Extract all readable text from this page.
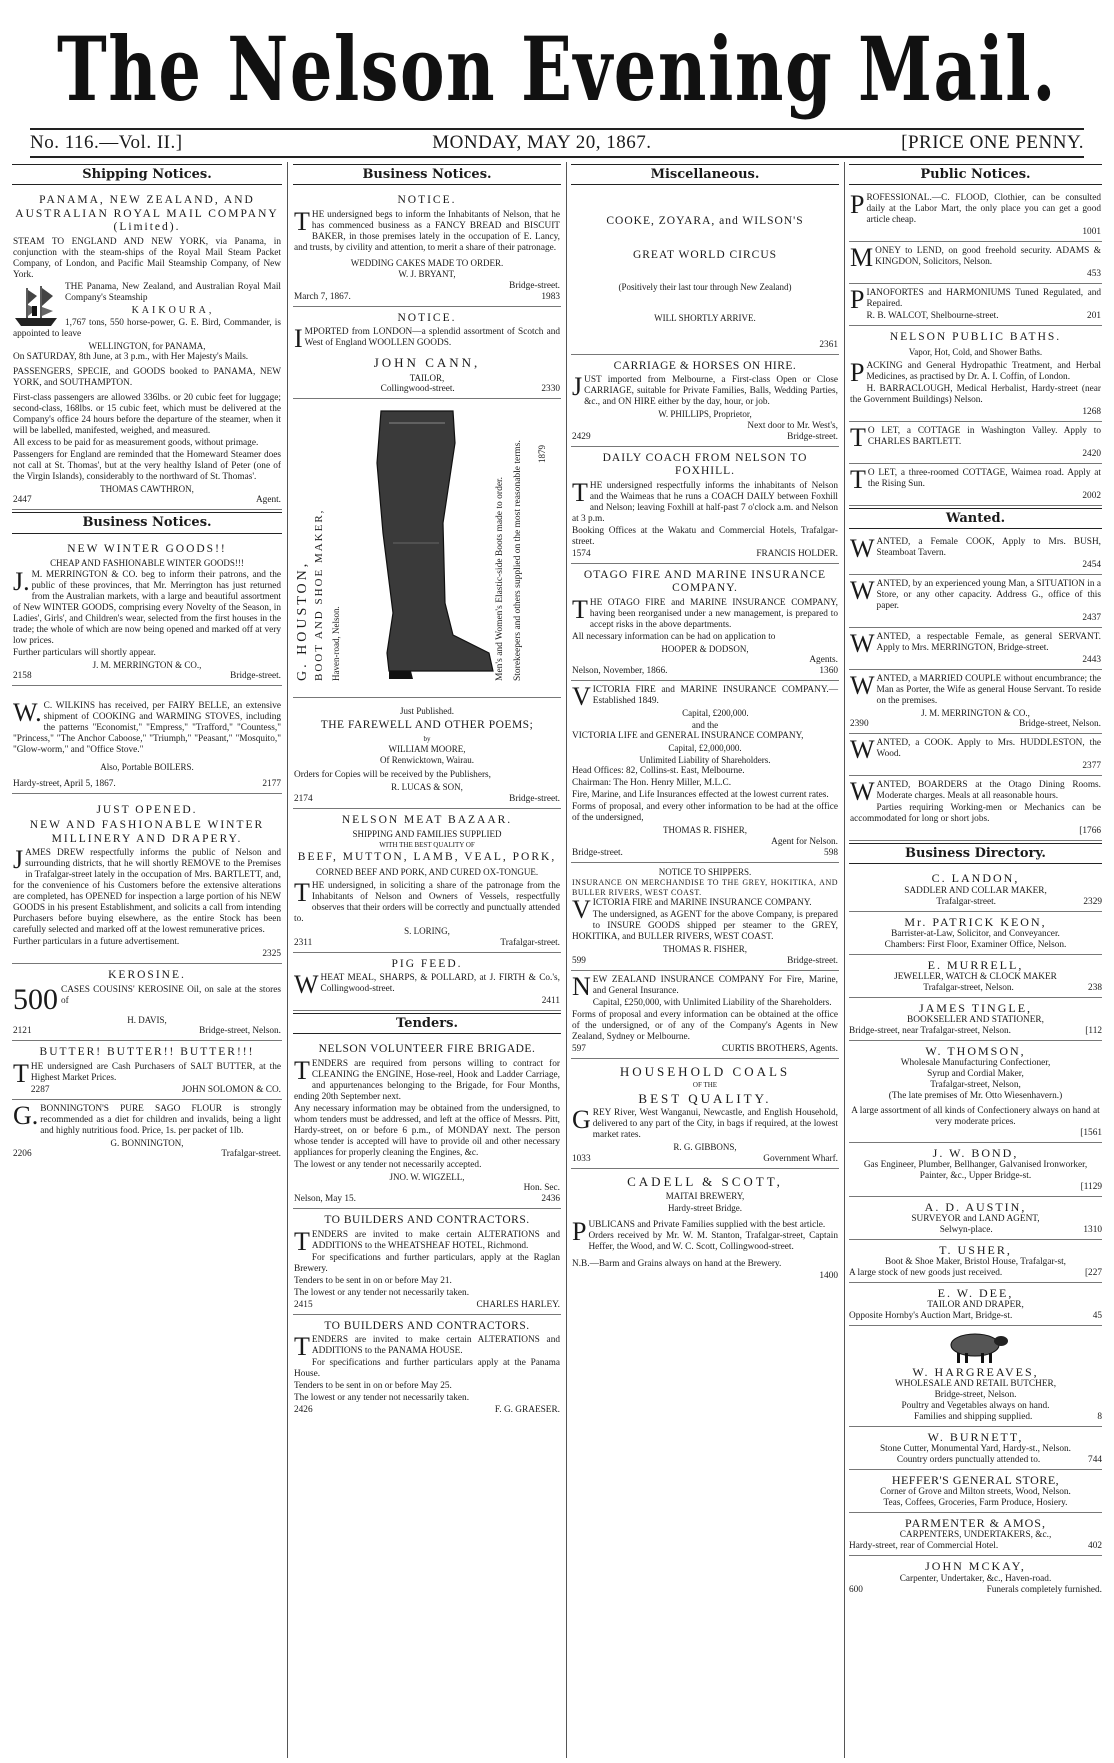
The Nelson Evening Mail.
No. 116.—Vol. II.]	MONDAY, MAY 20, 1867.	[PRICE ONE PENNY.
Shipping Notices.
PANAMA, NEW ZEALAND, AND AUSTRALIAN ROYAL MAIL COMPANY (Limited).
STEAM TO ENGLAND AND NEW YORK, via Panama, in conjunction with the steam-ships of the Royal Mail Steam Packet Company, of London, and Pacific Mail Steamship Company, of New York.
THE Panama, New Zealand, and Australian Royal Mail Company's Steamship
KAIKOURA,
1,767 tons, 550 horse-power, G. E. Bird, Commander, is appointed to leave
WELLINGTON, for PANAMA,
On SATURDAY, 8th June, at 3 p.m., with Her Majesty's Mails.
PASSENGERS, SPECIE, and GOODS booked to PANAMA, NEW YORK, and SOUTHAMPTON.
First-class passengers are allowed 336lbs. or 20 cubic feet for luggage; second-class, 168lbs. or 15 cubic feet, which must be delivered at the Company's office 24 hours before the departure of the steamer, when it will be labelled, manifested, weighed, and measured.
All excess to be paid for as measurement goods, without primage.
Passengers for England are reminded that the Homeward Steamer does not call at St. Thomas', but at the very healthy Island of Peter (one of the Virgin Islands), considerably to the northward of St. Thomas'.
THOMAS CAWTHRON,
2447	Agent.
Business Notices.
NEW WINTER GOODS!!
CHEAP AND FASHIONABLE WINTER GOODS!!!
J.M. MERRINGTON & CO. beg to inform their patrons, and the public of these provinces, that Mr. Merrington has just returned from the Australian markets, with a large and beautiful assortment of New WINTER GOODS, comprising every Novelty of the Season, in Ladies', Girls', and Children's wear, selected from the first houses in the trade; the whole of which are now being opened and marked off at very low prices.
Further particulars will shortly appear.
J. M. MERRINGTON & CO.,
2158	Bridge-street.
W.C. WILKINS has received, per FAIRY BELLE, an extensive shipment of COOKING and WARMING STOVES, including the patterns "Economist," "Empress," "Trafford," "Countess," "Princess," "The Anchor Caboose," "Triumph," "Peasant," "Mosquito," "Glow-worm," and "Office Stove."
Also, Portable BOILERS.
Hardy-street, April 5, 1867.	2177
JUST OPENED.
NEW AND FASHIONABLE WINTER MILLINERY AND DRAPERY.
JAMES DREW respectfully informs the public of Nelson and surrounding districts, that he will shortly REMOVE to the Premises in Trafalgar-street lately in the occupation of Mrs. BARTLETT, and, for the convenience of his Customers before the extensive alterations are completed, has OPENED for inspection a large portion of his NEW GOODS in his present Establishment, and solicits a call from intending Purchasers before buying elsewhere, as the entire Stock has been carefully selected and marked off at the lowest remunerative prices.
Further particulars in a future advertisement.
2325
KEROSINE.
500 CASES COUSINS' KEROSINE Oil, on sale at the stores of
H. DAVIS,
2121	Bridge-street, Nelson.
BUTTER! BUTTER!! BUTTER!!!
THE undersigned are Cash Purchasers of SALT BUTTER, at the Highest Market Prices.
2287	JOHN SOLOMON & CO.
G.BONNINGTON'S PURE SAGO FLOUR is strongly recommended as a diet for children and invalids, being a light and highly nutritious food. Price, 1s. per packet of 1lb.
G. BONNINGTON,
2206	Trafalgar-street.
Business Notices.
NOTICE.
THE undersigned begs to inform the Inhabitants of Nelson, that he has commenced business as a FANCY BREAD and BISCUIT BAKER, in those premises lately in the occupation of E. Lancy, and trusts, by civility and attention, to merit a share of their patronage.
WEDDING CAKES MADE TO ORDER.
W. J. BRYANT,
Bridge-street.
March 7, 1867.	1983
NOTICE.
IMPORTED from LONDON—a splendid assortment of Scotch and West of England WOOLLEN GOODS.
JOHN CANN,
TAILOR,
Collingwood-street.	2330
G. HOUSTON, BOOT AND SHOE MAKER, Haven-road, Nelson.	Men's and Women's Elastic-side Boots made to order. Storekeepers and others supplied on the most reasonable terms. 1879
Just Published.
THE FAREWELL AND OTHER POEMS;
by
WILLIAM MOORE,
Of Renwicktown, Wairau.
Orders for Copies will be received by the Publishers,
R. LUCAS & SON,
2174	Bridge-street.
NELSON MEAT BAZAAR.
SHIPPING AND FAMILIES SUPPLIED
WITH THE BEST QUALITY OF
BEEF, MUTTON, LAMB, VEAL, PORK,
CORNED BEEF AND PORK, AND CURED OX-TONGUE.
THE undersigned, in soliciting a share of the patronage from the Inhabitants of Nelson and Owners of Vessels, respectfully observes that their orders will be correctly and punctually attended to.
S. LORING,
2311	Trafalgar-street.
PIG FEED.
WHEAT MEAL, SHARPS, & POLLARD, at J. FIRTH & Co.'s, Collingwood-street.
2411
Tenders.
NELSON VOLUNTEER FIRE BRIGADE.
TENDERS are required from persons willing to contract for CLEANING the ENGINE, Hose-reel, Hook and Ladder Carriage, and appurtenances belonging to the Brigade, for Four Months, ending 20th September next.
Any necessary information may be obtained from the undersigned, to whom tenders must be addressed, and left at the office of Messrs. Pitt, Hardy-street, on or before 6 p.m., of MONDAY next. The person whose tender is accepted will have to provide oil and other necessary appliances for properly cleaning the Engines, &c.
The lowest or any tender not necessarily accepted.
JNO. W. WIGZELL,
Hon. Sec.
Nelson, May 15.	2436
TO BUILDERS AND CONTRACTORS.
TENDERS are invited to make certain ALTERATIONS and ADDITIONS to the WHEATSHEAF HOTEL, Richmond.
For specifications and further particulars, apply at the Raglan Brewery.
Tenders to be sent in on or before May 21.
The lowest or any tender not necessarily taken.
2415	CHARLES HARLEY.
TO BUILDERS AND CONTRACTORS.
TENDERS are invited to make certain ALTERATIONS and ADDITIONS to the PANAMA HOUSE.
For specifications and further particulars apply at the Panama House.
Tenders to be sent in on or before May 25.
The lowest or any tender not necessarily taken.
2426	F. G. GRAESER.
Miscellaneous.
COOKE, ZOYARA, and WILSON'S
GREAT WORLD CIRCUS
(Positively their last tour through New Zealand)
WILL SHORTLY ARRIVE.
2361
CARRIAGE & HORSES ON HIRE.
JUST imported from Melbourne, a First-class Open or Close CARRIAGE, suitable for Private Families, Balls, Wedding Parties, &c., and ON HIRE either by the day, hour, or job.
W. PHILLIPS, Proprietor,
Next door to Mr. West's,
2429	Bridge-street.
DAILY COACH FROM NELSON TO FOXHILL.
THE undersigned respectfully informs the inhabitants of Nelson and the Waimeas that he runs a COACH DAILY between Foxhill and Nelson; leaving Foxhill at half-past 7 o'clock a.m. and Nelson at 3 p.m.
Booking Offices at the Wakatu and Commercial Hotels, Trafalgar-street.
1574	FRANCIS HOLDER.
OTAGO FIRE AND MARINE INSURANCE COMPANY.
THE OTAGO FIRE and MARINE INSURANCE COMPANY, having been reorganised under a new management, is prepared to accept risks in the above departments.
All necessary information can be had on application to
HOOPER & DODSON,
Agents.
Nelson, November, 1866.	1360
VICTORIA FIRE and MARINE INSURANCE COMPANY.—Established 1849.
Capital, £200,000.
and the
VICTORIA LIFE and GENERAL INSURANCE COMPANY,
Capital, £2,000,000.
Unlimited Liability of Shareholders.
Head Offices: 82, Collins-st. East, Melbourne.
Chairman: The Hon. Henry Miller, M.L.C.
Fire, Marine, and Life Insurances effected at the lowest current rates.
Forms of proposal, and every other information to be had at the office of the undersigned,
THOMAS R. FISHER,
Agent for Nelson.
Bridge-street.	598
NOTICE TO SHIPPERS.
INSURANCE ON MERCHANDISE TO THE GREY, HOKITIKA, AND BULLER RIVERS, WEST COAST.
VICTORIA FIRE and MARINE INSURANCE COMPANY.
The undersigned, as AGENT for the above Company, is prepared to INSURE GOODS shipped per steamer to the GREY, HOKITIKA, and BULLER RIVERS, WEST COAST.
THOMAS R. FISHER,
599	Bridge-street.
NEW ZEALAND INSURANCE COMPANY For Fire, Marine, and General Insurance.
Capital, £250,000, with Unlimited Liability of the Shareholders.
Forms of proposal and every information can be obtained at the office of the undersigned, or of any of the Company's Agents in New Zealand, Sydney or Melbourne.
597	CURTIS BROTHERS, Agents.
HOUSEHOLD COALS
OF THE
BEST QUALITY.
GREY River, West Wanganui, Newcastle, and English Household, delivered to any part of the City, in bags if required, at the lowest market rates.
R. G. GIBBONS,
1033	Government Wharf.
CADELL & SCOTT,
MAITAI BREWERY,
Hardy-street Bridge.
PUBLICANS and Private Families supplied with the best article.
Orders received by Mr. W. M. Stanton, Trafalgar-street, Captain Heffer, the Wood, and W. C. Scott, Collingwood-street.
N.B.—Barm and Grains always on hand at the Brewery.
1400
Public Notices.
PROFESSIONAL.—C. FLOOD, Clothier, can be consulted daily at the Labor Mart, the only place you can get a good article cheap.
1001
MONEY to LEND, on good freehold security. ADAMS & KINGDON, Solicitors, Nelson.
453
PIANOFORTES and HARMONIUMS Tuned Regulated, and Repaired.
R. B. WALCOT, Shelbourne-street.	201
NELSON PUBLIC BATHS.
Vapor, Hot, Cold, and Shower Baths.
PACKING and General Hydropathic Treatment, and Herbal Medicines, as practised by Dr. A. I. Coffin, of London.
H. BARRACLOUGH, Medical Herbalist, Hardy-street (near the Government Buildings) Nelson.
1268
TO LET, a COTTAGE in Washington Valley. Apply to CHARLES BARTLETT.
2420
TO LET, a three-roomed COTTAGE, Waimea road. Apply at the Rising Sun.
2002
Wanted.
WANTED, a Female COOK, Apply to Mrs. BUSH, Steamboat Tavern.
2454
WANTED, by an experienced young Man, a SITUATION in a Store, or any other capacity. Address G., office of this paper.
2437
WANTED, a respectable Female, as general SERVANT. Apply to Mrs. MERRINGTON, Bridge-street.
2443
WANTED, a MARRIED COUPLE without encumbrance; the Man as Porter, the Wife as general House Servant. To reside on the premises.
J. M. MERRINGTON & CO.,
2390	Bridge-street, Nelson.
WANTED, a COOK. Apply to Mrs. HUDDLESTON, the Wood.
2377
WANTED, BOARDERS at the Otago Dining Rooms. Moderate charges. Meals at all reasonable hours.
Parties requiring Working-men or Mechanics can be accommodated for long or short jobs.
[1766
Business Directory.
C. LANDON,
SADDLER AND COLLAR MAKER,
Trafalgar-street.	2329
Mr. PATRICK KEON,
Barrister-at-Law, Solicitor, and Conveyancer.
Chambers: First Floor, Examiner Office, Nelson.
E. MURRELL,
JEWELLER, WATCH & CLOCK MAKER
Trafalgar-street, Nelson.	238
JAMES TINGLE,
BOOKSELLER AND STATIONER,
Bridge-street, near Trafalgar-street, Nelson.	[112
W. THOMSON,
Wholesale Manufacturing Confectioner,
Syrup and Cordial Maker,
Trafalgar-street, Nelson,
(The late premises of Mr. Otto Wiesenhavern.)
A large assortment of all kinds of Confectionery always on hand at very moderate prices.
[1561
J. W. BOND,
Gas Engineer, Plumber, Bellhanger, Galvanised Ironworker, Painter, &c., Upper Bridge-st.
[1129
A. D. AUSTIN,
SURVEYOR and LAND AGENT,
Selwyn-place.	1310
T. USHER,
Boot & Shoe Maker, Bristol House, Trafalgar-st,
A large stock of new goods just received.	[227
E. W. DEE,
TAILOR AND DRAPER,
Opposite Hornby's Auction Mart, Bridge-st.	45
W. HARGREAVES,
WHOLESALE AND RETAIL BUTCHER,
Bridge-street, Nelson.
Poultry and Vegetables always on hand.
Families and shipping supplied.	8
W. BURNETT,
Stone Cutter, Monumental Yard, Hardy-st., Nelson.
Country orders punctually attended to.	744
HEFFER'S GENERAL STORE,
Corner of Grove and Milton streets, Wood, Nelson.
Teas, Coffees, Groceries, Farm Produce, Hosiery.
PARMENTER & AMOS,
CARPENTERS, UNDERTAKERS, &c.,
Hardy-street, rear of Commercial Hotel.	402
JOHN MCKAY,
Carpenter, Undertaker, &c., Haven-road.
600	Funerals completely furnished.
